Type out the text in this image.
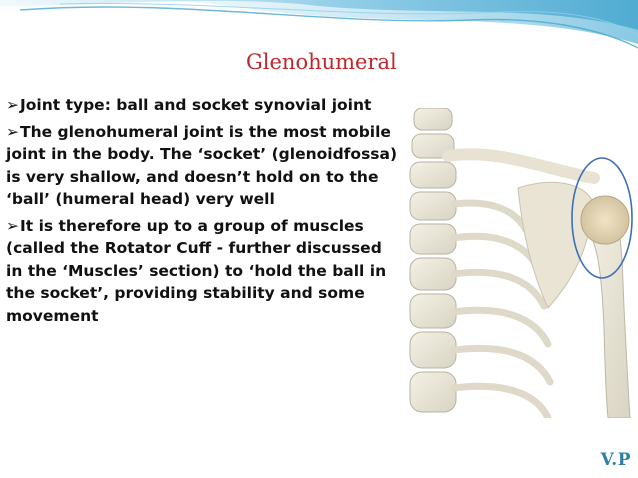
Glenohumeral

➢Joint type: ball and socket synovial joint

➢The glenohumeral joint is the most mobile joint in the body. The ‘socket’ (glenoidfossa) is very shallow, and doesn’t hold on to the ‘ball’ (humeral head) very well

➢It is therefore up to a group of muscles (called the Rotator Cuff - further discussed in the ‘Muscles’ section) to ‘hold the ball in the socket’, providing stability and some movement

V.P
